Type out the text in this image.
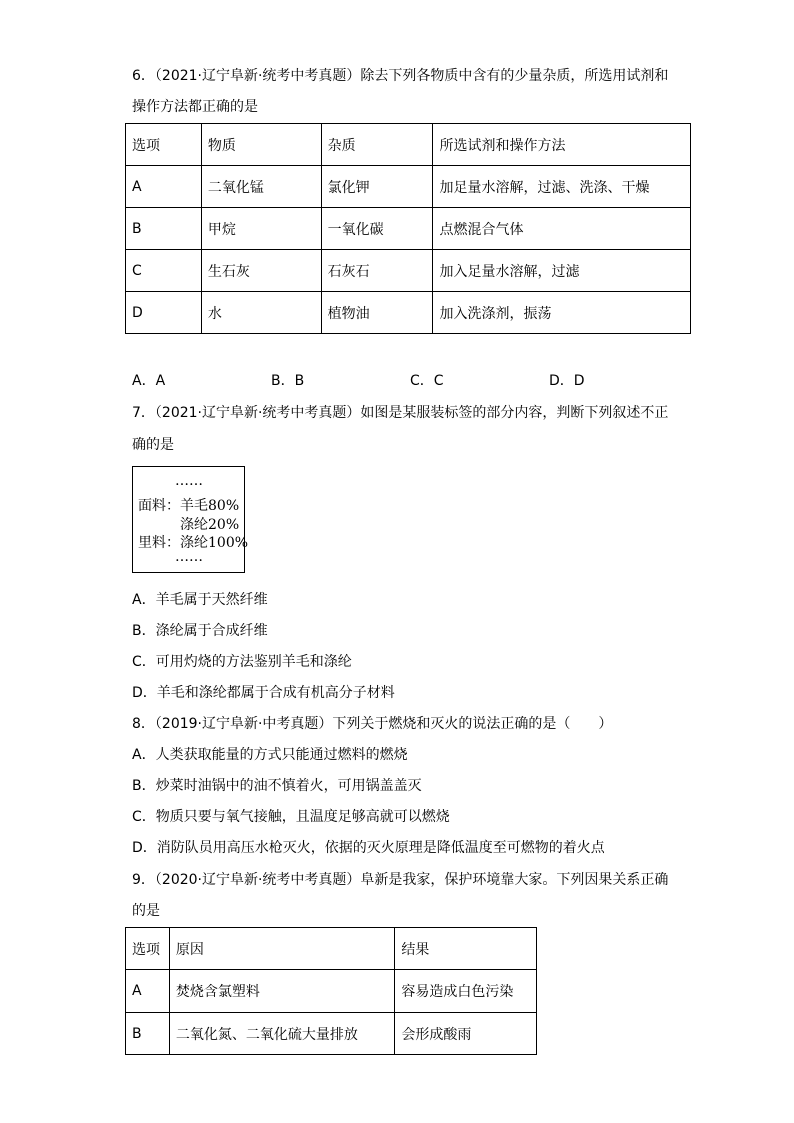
6．（2021·辽宁阜新·统考中考真题）除去下列各物质中含有的少量杂质，所选用试剂和
操作方法都正确的是
选项	物质	杂质	所选试剂和操作方法
A	二氧化锰	氯化钾	加足量水溶解，过滤、洗涤、干燥
B	甲烷	一氧化碳	点燃混合气体
C	生石灰	石灰石	加入足量水溶解，过滤
D	水	植物油	加入洗涤剂，振荡
A．A	B．B	C．C	D．D
7．（2021·辽宁阜新·统考中考真题）如图是某服装标签的部分内容，判断下列叙述不正
确的是
……
面料：羊毛80%
涤纶20%
里料：涤纶100%
……
A．羊毛属于天然纤维
B．涤纶属于合成纤维
C．可用灼烧的方法鉴别羊毛和涤纶
D．羊毛和涤纶都属于合成有机高分子材料
8．（2019·辽宁阜新·中考真题）下列关于燃烧和灭火的说法正确的是（　　）
A．人类获取能量的方式只能通过燃料的燃烧
B．炒菜时油锅中的油不慎着火，可用锅盖盖灭
C．物质只要与氧气接触，且温度足够高就可以燃烧
D．消防队员用高压水枪灭火，依据的灭火原理是降低温度至可燃物的着火点
9．（2020·辽宁阜新·统考中考真题）阜新是我家，保护环境靠大家。下列因果关系正确
的是
选项	原因	结果
A	焚烧含氯塑料	容易造成白色污染
B	二氧化氮、二氧化硫大量排放	会形成酸雨
